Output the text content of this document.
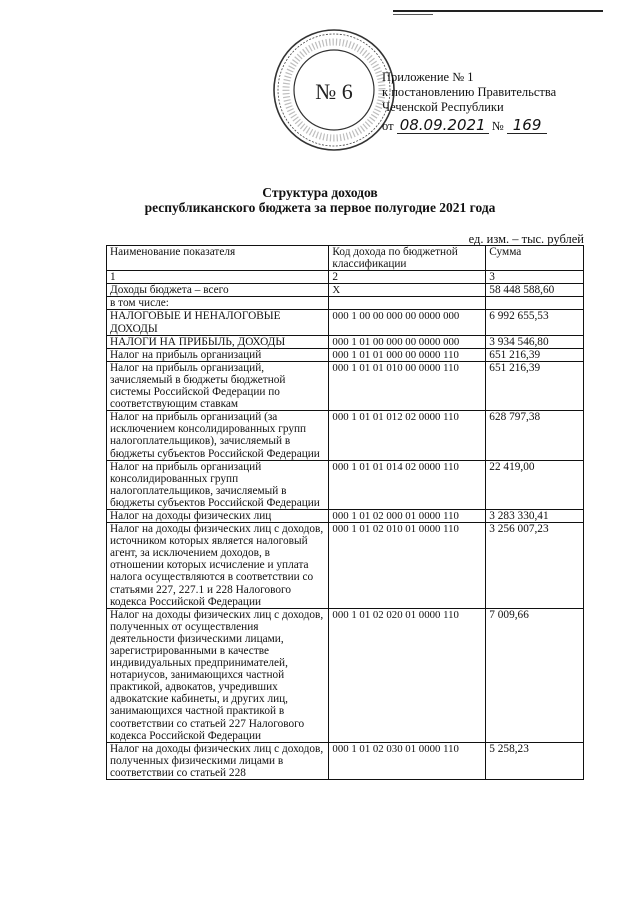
№ 6
Приложение № 1
к постановлению Правительства
Чеченской Республики
от 08.09.2021 № 169
Структура доходов
республиканского бюджета за первое полугодие 2021 года
ед. изм. – тыс. рублей
Наименование показателя	Код дохода по бюджетной классификации	Сумма
1	2	3
Доходы бюджета – всего	X	58 448 588,60
в том числе:		
НАЛОГОВЫЕ И НЕНАЛОГОВЫЕ ДОХОДЫ	000 1 00 00 000 00 0000 000	6 992 655,53
НАЛОГИ НА ПРИБЫЛЬ, ДОХОДЫ	000 1 01 00 000 00 0000 000	3 934 546,80
Налог на прибыль организаций	000 1 01 01 000 00 0000 110	651 216,39
Налог на прибыль организаций, зачисляемый в бюджеты бюджетной системы Российской Федерации по соответствующим ставкам	000 1 01 01 010 00 0000 110	651 216,39
Налог на прибыль организаций (за исключением консолидированных групп налогоплательщиков), зачисляемый в бюджеты субъектов Российской Федерации	000 1 01 01 012 02 0000 110	628 797,38
Налог на прибыль организаций консолидированных групп налогоплательщиков, зачисляемый в бюджеты субъектов Российской Федерации	000 1 01 01 014 02 0000 110	22 419,00
Налог на доходы физических лиц	000 1 01 02 000 01 0000 110	3 283 330,41
Налог на доходы физических лиц с доходов, источником которых является налоговый агент, за исключением доходов, в отношении которых исчисление и уплата налога осуществляются в соответствии со статьями 227, 227.1 и 228 Налогового кодекса Российской Федерации	000 1 01 02 010 01 0000 110	3 256 007,23
Налог на доходы физических лиц с доходов, полученных от осуществления деятельности физическими лицами, зарегистрированными в качестве индивидуальных предпринимателей, нотариусов, занимающихся частной практикой, адвокатов, учредивших адвокатские кабинеты, и других лиц, занимающихся частной практикой в соответствии со статьей 227 Налогового кодекса Российской Федерации	000 1 01 02 020 01 0000 110	7 009,66
Налог на доходы физических лиц с доходов, полученных физическими лицами в соответствии со статьей 228	000 1 01 02 030 01 0000 110	5 258,23
